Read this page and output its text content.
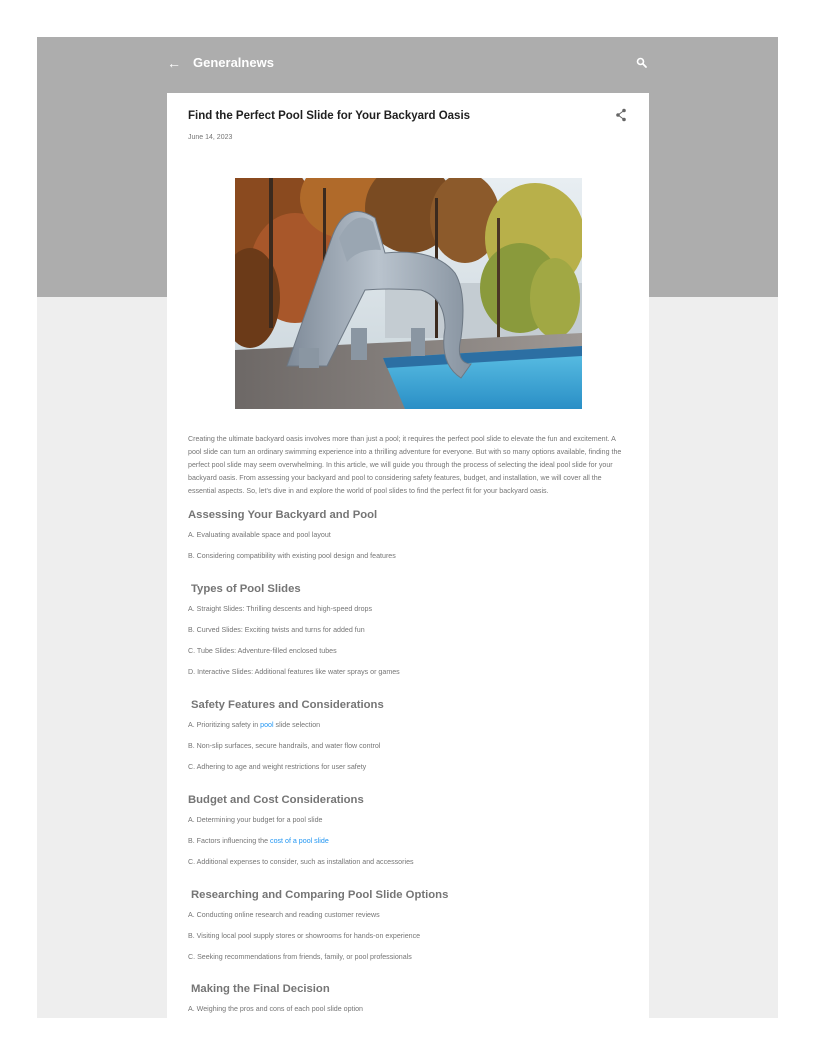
← Generalnews
Find the Perfect Pool Slide for Your Backyard Oasis
June 14, 2023

Creating the ultimate backyard oasis involves more than just a pool; it requires the perfect pool slide to elevate the fun and excitement. A pool slide can turn an ordinary swimming experience into a thrilling adventure for everyone. But with so many options available, finding the perfect pool slide may seem overwhelming. In this article, we will guide you through the process of selecting the ideal pool slide for your backyard oasis. From assessing your backyard and pool to considering safety features, budget, and installation, we will cover all the essential aspects. So, let's dive in and explore the world of pool slides to find the perfect fit for your backyard oasis.

Assessing Your Backyard and Pool

A. Evaluating available space and pool layout

B. Considering compatibility with existing pool design and features

Types of Pool Slides

A. Straight Slides: Thrilling descents and high-speed drops

B. Curved Slides: Exciting twists and turns for added fun

C. Tube Slides: Adventure-filled enclosed tubes

D. Interactive Slides: Additional features like water sprays or games

Safety Features and Considerations

A. Prioritizing safety in pool slide selection

B. Non-slip surfaces, secure handrails, and water flow control

C. Adhering to age and weight restrictions for user safety

Budget and Cost Considerations

A. Determining your budget for a pool slide

B. Factors influencing the cost of a pool slide

C. Additional expenses to consider, such as installation and accessories

Researching and Comparing Pool Slide Options

A. Conducting online research and reading customer reviews

B. Visiting local pool supply stores or showrooms for hands-on experience

C. Seeking recommendations from friends, family, or pool professionals

Making the Final Decision

A. Weighing the pros and cons of each pool slide option
